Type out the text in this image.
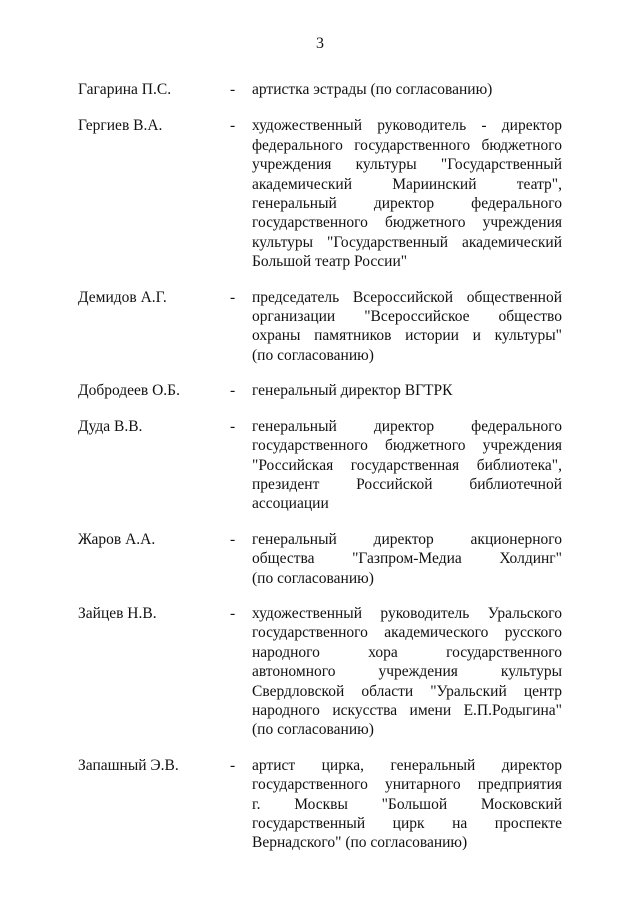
3
Гагарина П.С.	-	артистка эстрады (по согласованию)
Гергиев В.А.	-	художественный руководитель - директор
федерального государственного бюджетного
учреждения культуры "Государственный
академический Мариинский театр",
генеральный директор федерального
государственного бюджетного учреждения
культуры "Государственный академический
Большой театр России"
Демидов А.Г.	-	председатель Всероссийской общественной
организации "Всероссийское общество
охраны памятников истории и культуры"
(по согласованию)
Добродеев О.Б.	-	генеральный директор ВГТРК
Дуда В.В.	-	генеральный директор федерального
государственного бюджетного учреждения
"Российская государственная библиотека",
президент Российской библиотечной
ассоциации
Жаров А.А.	-	генеральный директор акционерного
общества "Газпром-Медиа Холдинг"
(по согласованию)
Зайцев Н.В.	-	художественный руководитель Уральского
государственного академического русского
народного хора государственного
автономного учреждения культуры
Свердловской области "Уральский центр
народного искусства имени Е.П.Родыгина"
(по согласованию)
Запашный Э.В.	-	артист цирка, генеральный директор
государственного унитарного предприятия
г. Москвы "Большой Московский
государственный цирк на проспекте
Вернадского" (по согласованию)
